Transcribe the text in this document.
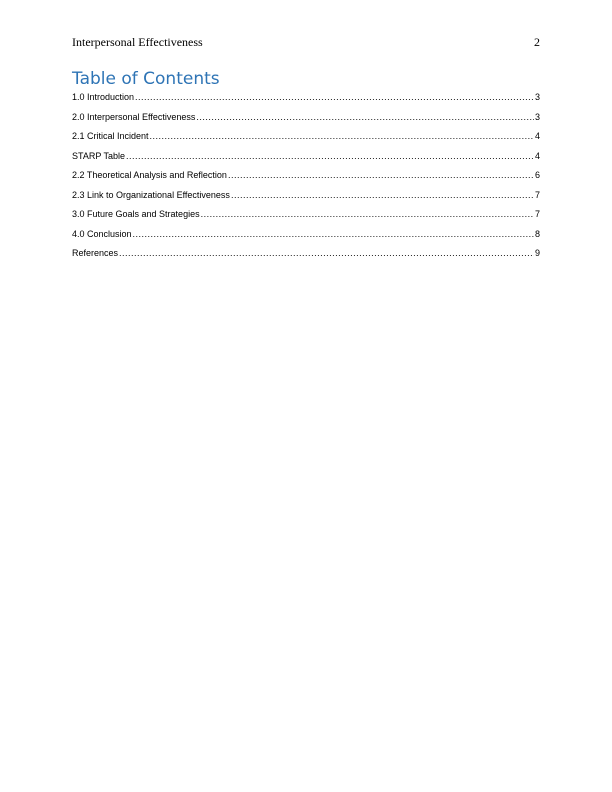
Interpersonal Effectiveness	2
Table of Contents
1.0 Introduction .....	3
2.0 Interpersonal Effectiveness .....	3
2.1 Critical Incident .....	4
STARP Table .....	4
2.2 Theoretical Analysis and Reflection .....	6
2.3 Link to Organizational Effectiveness .....	7
3.0 Future Goals and Strategies .....	7
4.0 Conclusion .....	8
References .....	9
